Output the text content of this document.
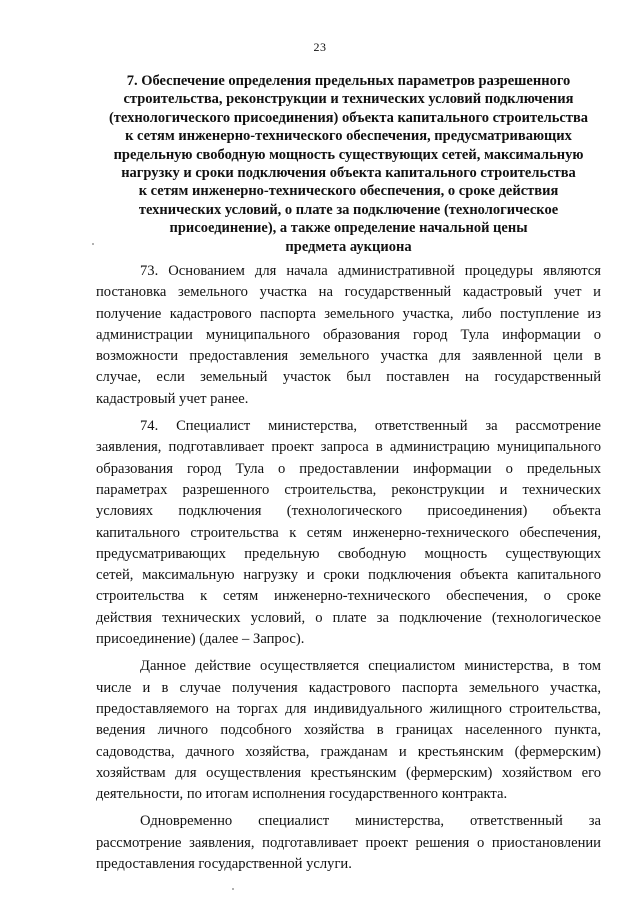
23
7. Обеспечение определения предельных параметров разрешенного
строительства, реконструкции и технических условий подключения
(технологического присоединения) объекта капитального строительства
к сетям инженерно-технического обеспечения, предусматривающих
предельную свободную мощность существующих сетей, максимальную
нагрузку и сроки подключения объекта капитального строительства
к сетям инженерно-технического обеспечения, о сроке действия
технических условий, о плате за подключение (технологическое
присоединение), а также определение начальной цены
предмета аукциона
73. Основанием для начала административной процедуры являются
постановка земельного участка на государственный кадастровый учет и
получение кадастрового паспорта земельного участка, либо поступление из
администрации муниципального образования город Тула информации о
возможности предоставления земельного участка для заявленной цели в
случае, если земельный участок был поставлен на государственный
кадастровый учет ранее.
74. Специалист министерства, ответственный за рассмотрение
заявления, подготавливает проект запроса в администрацию муниципального
образования город Тула о предоставлении информации о предельных
параметрах разрешенного строительства, реконструкции и технических
условиях подключения (технологического присоединения) объекта
капитального строительства к сетям инженерно-технического обеспечения,
предусматривающих предельную свободную мощность существующих
сетей, максимальную нагрузку и сроки подключения объекта капитального
строительства к сетям инженерно-технического обеспечения, о сроке
действия технических условий, о плате за подключение (технологическое
присоединение) (далее – Запрос).
Данное действие осуществляется специалистом министерства, в том
числе и в случае получения кадастрового паспорта земельного участка,
предоставляемого на торгах для индивидуального жилищного строительства,
ведения личного подсобного хозяйства в границах населенного пункта,
садоводства, дачного хозяйства, гражданам и крестьянским (фермерским)
хозяйствам для осуществления крестьянским (фермерским) хозяйством его
деятельности, по итогам исполнения государственного контракта.
Одновременно специалист министерства, ответственный за
рассмотрение заявления, подготавливает проект решения о приостановлении
предоставления государственной услуги.
